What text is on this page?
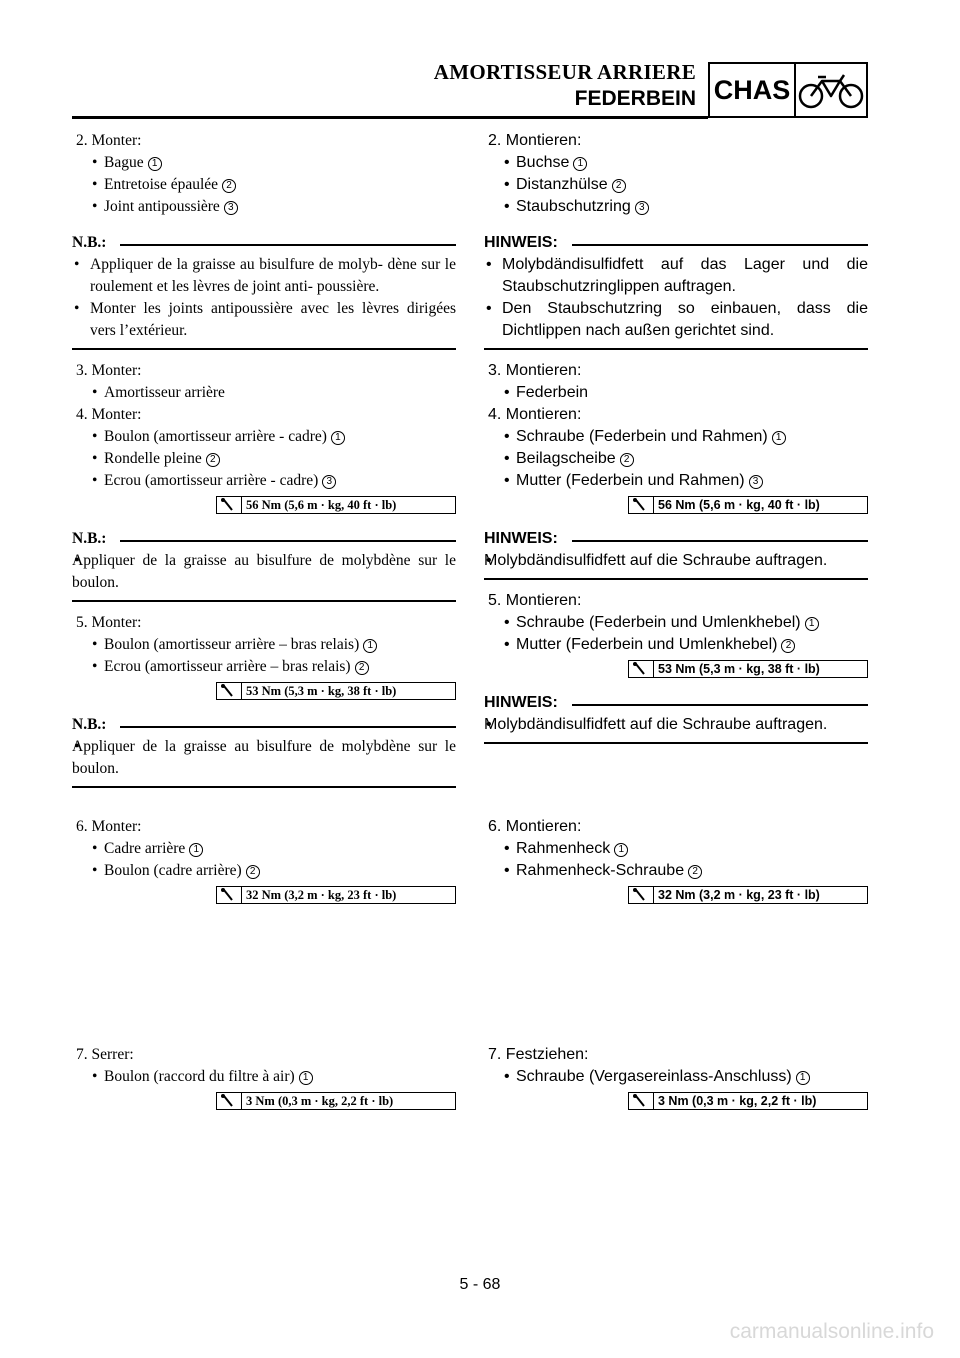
AMORTISSEUR ARRIERE
FEDERBEIN CHAS

2. Monter:

• Bague 1

• Entretoise épaulée 2

• Joint antipoussière 3

N.B.:

• Appliquer de la graisse au bisulfure de molyb- dène sur le roulement et les lèvres de joint anti- poussière.

• Monter les joints antipoussière avec les lèvres dirigées vers l’extérieur.

3. Monter:

• Amortisseur arrière

4. Monter:

• Boulon (amortisseur arrière - cadre) 1

• Rondelle pleine 2

• Ecrou (amortisseur arrière - cadre) 3

56 Nm (5,6 m · kg, 40 ft · lb)
N.B.:

• Appliquer de la graisse au bisulfure de molybdène sur le boulon.

5. Monter:

• Boulon (amortisseur arrière – bras relais) 1

• Ecrou (amortisseur arrière – bras relais) 2

53 Nm (5,3 m · kg, 38 ft · lb)
N.B.:

• Appliquer de la graisse au bisulfure de molybdène sur le boulon.

6. Monter:

• Cadre arrière 1

• Boulon (cadre arrière) 2

32 Nm (3,2 m · kg, 23 ft · lb)

7. Serrer:

• Boulon (raccord du filtre à air) 1

3 Nm (0,3 m · kg, 2,2 ft · lb)

2. Montieren:

• Buchse 1

• Distanzhülse 2

• Staubschutzring 3

HINWEIS:

• Molybdändisulfidfett auf das Lager und die Staubschutzringlippen auftragen.

• Den Staubschutzring so einbauen, dass die Dichtlippen nach außen gerichtet sind.

3. Montieren:

• Federbein

4. Montieren:

• Schraube (Federbein und Rahmen) 1

• Beilagscheibe 2

• Mutter (Federbein und Rahmen) 3

56 Nm (5,6 m · kg, 40 ft · lb)
HINWEIS:

• Molybdändisulfidfett auf die Schraube auftragen.

5. Montieren:

• Schraube (Federbein und Umlenkhebel) 1

• Mutter (Federbein und Umlenkhebel) 2

53 Nm (5,3 m · kg, 38 ft · lb)
HINWEIS:

• Molybdändisulfidfett auf die Schraube auftragen.

6. Montieren:

• Rahmenheck 1

• Rahmenheck-Schraube 2

32 Nm (3,2 m · kg, 23 ft · lb)

7. Festziehen:

• Schraube (Vergasereinlass-Anschluss) 1

3 Nm (0,3 m · kg, 2,2 ft · lb)
5 - 68
carmanualsonline.info
